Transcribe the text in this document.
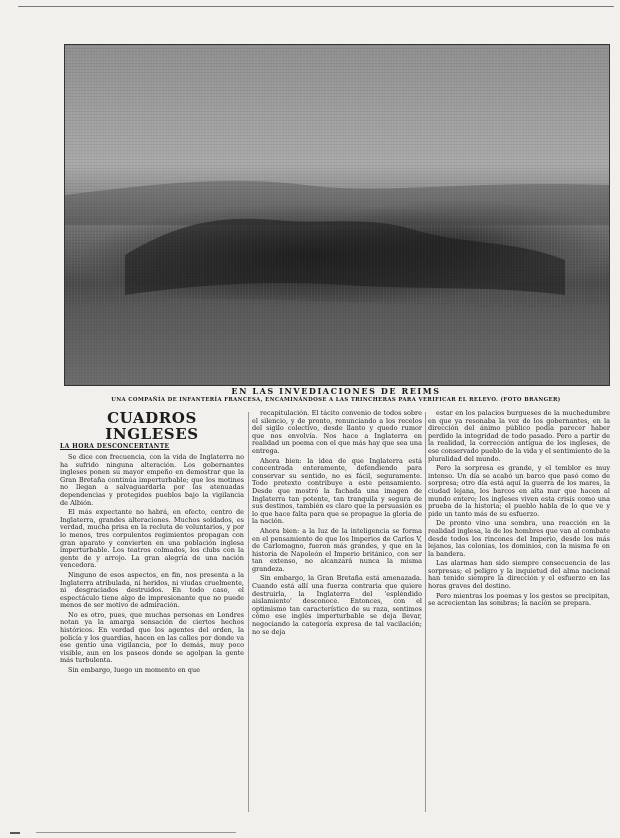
EN LAS INVEDIACIONES DE REIMS
UNA COMPAÑÍA DE INFANTERÍA FRANCESA, ENCAMINÁNDOSE A LAS TRINCHERAS PARA VERIFICAR EL RELEVO. (FOTO BRANGER)
CUADROS INGLESES
LA HORA DESCONCERTANTE

Se dice con frecuencia, con la vida de Inglaterra no ha sufrido ninguna alteración. Los gobernantes ingleses ponen su mayor empeño en demostrar que la Gran Bretaña continúa imperturbable; que los motines no llegan a salvaguardarla por las atenuadas dependencias y protegidos pueblos bajo la vigilancia de Albión.

El más expectante no habrá, en efecto, centro de Inglaterra, grandes alteraciones. Muchos soldados, es verdad, mucha prisa en la recluta de voluntarios, y por lo menos, tres corpulentos regimientos propagan con gran aparato y convierten en una población inglesa imperturbable. Los teatros colmados, los clubs con la gente de y arrojo. La gran alegría de una nación vencedora.

Ninguno de esos aspectos, en fin, nos presenta a la Inglaterra atribulada, ni heridos, ni viudas cruelmente, ni desgraciados destruidos. En todo caso, el espectáculo tiene algo de impresionante que no puede menos de ser motivo de admiración.

No es otro, pues, que muchas personas en Londres notan ya la amarga sensación de ciertos hechos históricos. En verdad que los agentes del orden, la policía y los guardias, hacen en las calles por donde va ese gentío una vigilancia, por lo demás, muy poco visible, aun en los paseos donde se agolpan la gente más turbulenta.

Sin embargo, luego un momento en que

recapitulación. El tácito convenio de todos sobre el silencio, y de pronto, renunciando a los recelos del sigilo colectivo, desde llanto y quedo rumor que nos envolvía. Nos hace a Inglaterra en realidad un poema con el que más hay que sea una entrega.

Ahora bien: la idea de que Inglaterra está concentrada enteramente, defendiendo para conservar su sentido, no es fácil, seguramente. Todo pretexto contribuye a este pensamiento. Desde que mostró la fachada una imagen de Inglaterra tan potente, tan tranquila y segura de sus destinos, también es claro que la persuasión es lo que hace falta para que se propague la gloria de la nación.

Ahora bien: a la luz de la inteligencia se forma en el pensamiento de que los Imperios de Carlos V, de Carlomagno, fueron más grandes, y que en la historia de Napoleón el Imperio británico, con ser tan extenso, no alcanzará nunca la misma grandeza.

Sin embargo, la Gran Bretaña está amenazada. Cuando está allí una fuerza contraria que quiere destruirla, la Inglaterra del 'espléndido aislamiento' desconoce. Entonces, con el optimismo tan característico de su raza, sentimos cómo ese inglés imperturbable se deja llevar, negociando la categoría expresa de tal vacilación; no se deja

estar en los palacios burgueses de la muchedumbre en que ya resonaba la voz de los gobernantes, en la dirección del ánimo público podía parecer haber perdido la integridad de todo pasado. Pero a partir de la realidad, la corrección antigua de los ingleses, de ese conservado pueblo de la vida y el sentimiento de la pluralidad del mundo.

Pero la sorpresa es grande, y el temblor es muy intenso. Un día se acabó un barco que pasó como de sorpresa; otro día está aquí la guerra de los mares, la ciudad lejana, los barcos en alta mar que hacen al mundo entero; los ingleses viven esta crisis como una prueba de la historia; el pueblo habla de lo que ve y pide un tanto más de su esfuerzo.

De pronto vino una sombra, una reacción en la realidad inglesa, la de los hombres que van al combate desde todos los rincones del Imperio, desde los más lejanos, las colonias, los dominios, con la misma fe en la bandera.

Las alarmas han sido siempre consecuencia de las sorpresas; el peligro y la inquietud del alma nacional han tenido siempre la dirección y el esfuerzo en las horas graves del destino.

Pero mientras los poemas y los gestos se precipitan, se acrecientan las sombras; la nación se prepara.
